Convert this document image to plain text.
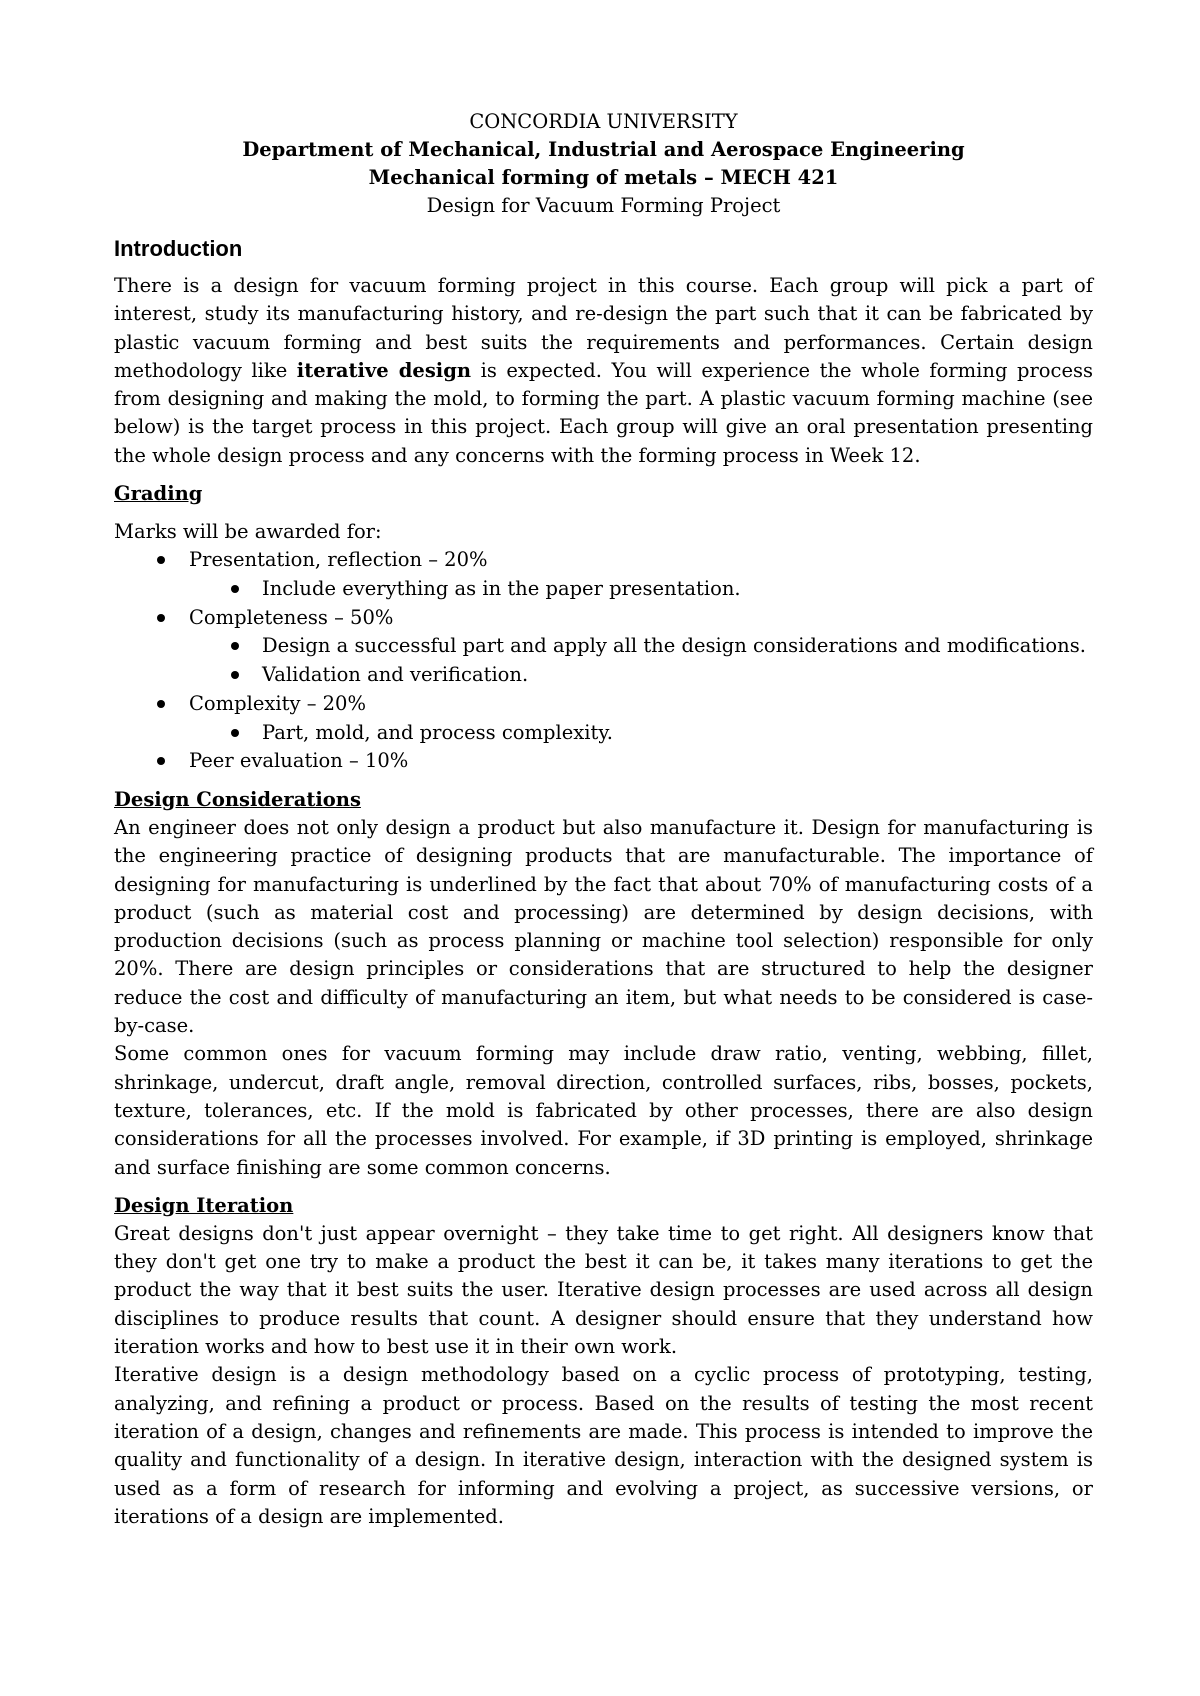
CONCORDIA UNIVERSITY
Department of Mechanical, Industrial and Aerospace Engineering
Mechanical forming of metals – MECH 421
Design for Vacuum Forming Project
Introduction

There is a design for vacuum forming project in this course. Each group will pick a part of interest, study its manufacturing history, and re-design the part such that it can be fabricated by plastic vacuum forming and best suits the requirements and performances. Certain design methodology like iterative design is expected. You will experience the whole forming process from designing and making the mold, to forming the part. A plastic vacuum forming machine (see below) is the target process in this project. Each group will give an oral presentation presenting the whole design process and any concerns with the forming process in Week 12.

Grading

Marks will be awarded for:

Presentation, reflection – 20%
Include everything as in the paper presentation.
Completeness – 50%
Design a successful part and apply all the design considerations and modifications.
Validation and verification.
Complexity – 20%
Part, mold, and process complexity.
Peer evaluation – 10%
Design Considerations

An engineer does not only design a product but also manufacture it. Design for manufacturing is the engineering practice of designing products that are manufacturable. The importance of designing for manufacturing is underlined by the fact that about 70% of manufacturing costs of a product (such as material cost and processing) are determined by design decisions, with production decisions (such as process planning or machine tool selection) responsible for only 20%. There are design principles or considerations that are structured to help the designer reduce the cost and difficulty of manufacturing an item, but what needs to be considered is case-by-case.

Some common ones for vacuum forming may include draw ratio, venting, webbing, fillet, shrinkage, undercut, draft angle, removal direction, controlled surfaces, ribs, bosses, pockets, texture, tolerances, etc. If the mold is fabricated by other processes, there are also design considerations for all the processes involved. For example, if 3D printing is employed, shrinkage and surface finishing are some common concerns.

Design Iteration

Great designs don't just appear overnight – they take time to get right. All designers know that they don't get one try to make a product the best it can be, it takes many iterations to get the product the way that it best suits the user. Iterative design processes are used across all design disciplines to produce results that count. A designer should ensure that they understand how iteration works and how to best use it in their own work.

Iterative design is a design methodology based on a cyclic process of prototyping, testing, analyzing, and refining a product or process. Based on the results of testing the most recent iteration of a design, changes and refinements are made. This process is intended to improve the quality and functionality of a design. In iterative design, interaction with the designed system is used as a form of research for informing and evolving a project, as successive versions, or iterations of a design are implemented.
